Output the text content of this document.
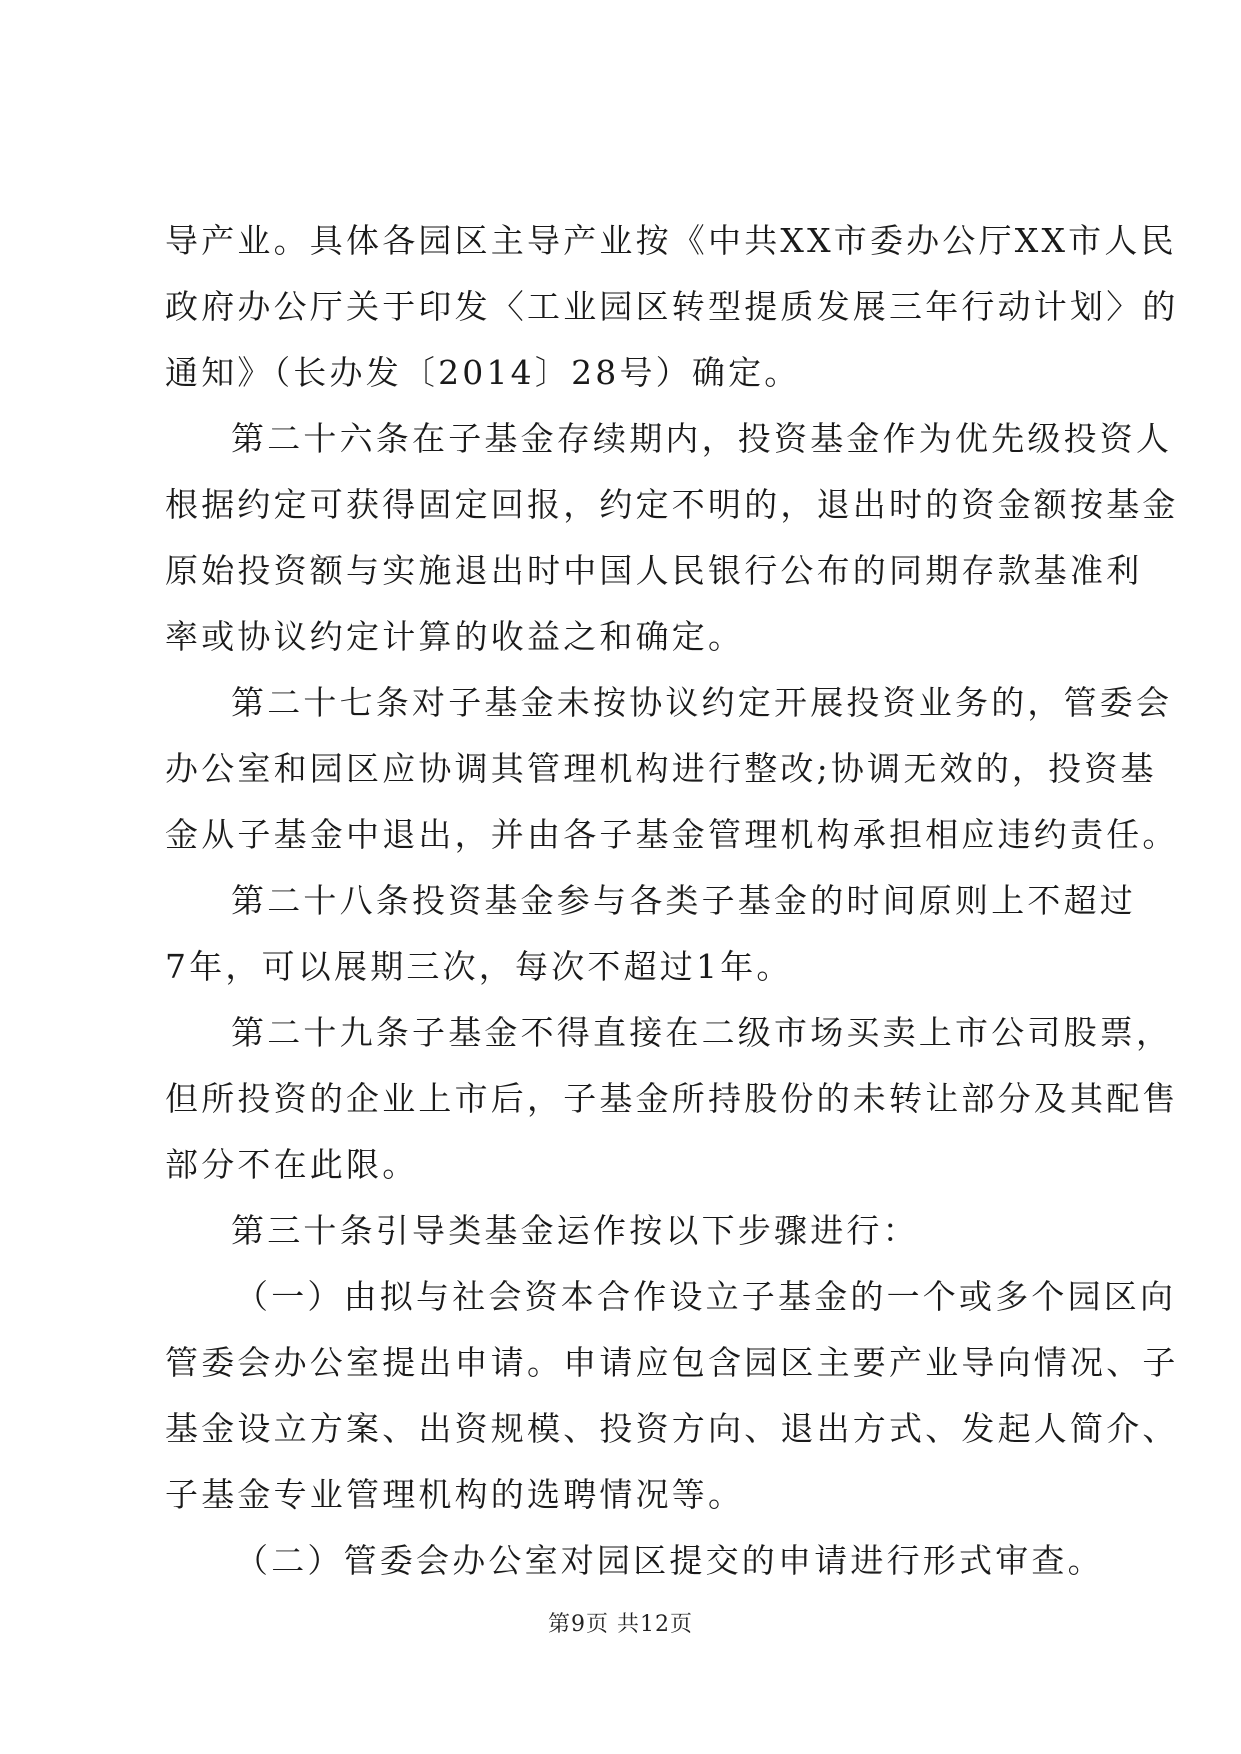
导产业。具体各园区主导产业按《中共XX市委办公厅XX市人民
政府办公厅关于印发〈工业园区转型提质发展三年行动计划〉的
通知》（长办发〔2014〕28号）确定。
第二十六条在子基金存续期内，投资基金作为优先级投资人
根据约定可获得固定回报，约定不明的，退出时的资金额按基金
原始投资额与实施退出时中国人民银行公布的同期存款基准利
率或协议约定计算的收益之和确定。
第二十七条对子基金未按协议约定开展投资业务的，管委会
办公室和园区应协调其管理机构进行整改;协调无效的，投资基
金从子基金中退出，并由各子基金管理机构承担相应违约责任。
第二十八条投资基金参与各类子基金的时间原则上不超过
7年，可以展期三次，每次不超过1年。
第二十九条子基金不得直接在二级市场买卖上市公司股票，
但所投资的企业上市后，子基金所持股份的未转让部分及其配售
部分不在此限。
第三十条引导类基金运作按以下步骤进行：
（一）由拟与社会资本合作设立子基金的一个或多个园区向
管委会办公室提出申请。申请应包含园区主要产业导向情况、子
基金设立方案、出资规模、投资方向、退出方式、发起人简介、
子基金专业管理机构的选聘情况等。
（二）管委会办公室对园区提交的申请进行形式审查。
第9页 共12页
